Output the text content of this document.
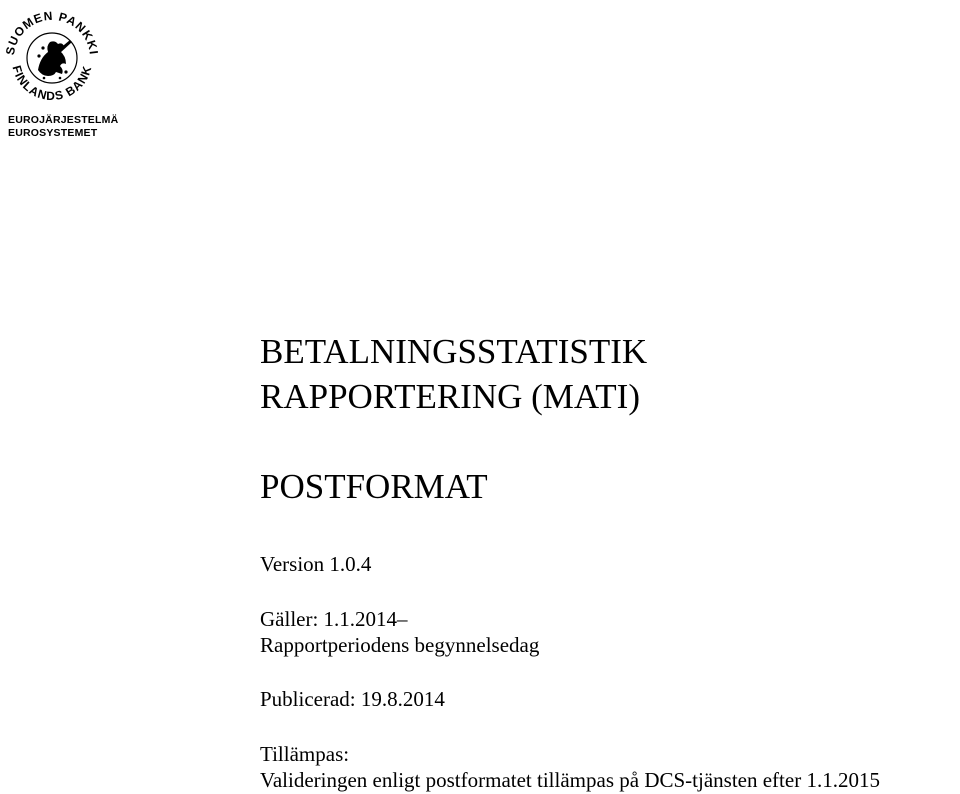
SUOMEN PANKKI
FINLANDS BANK
EUROJÄRJESTELMÄ
EUROSYSTEMET
BETALNINGSSTATISTIK
RAPPORTERING (MATI)
POSTFORMAT
Version 1.0.4
Gäller: 1.1.2014–
Rapportperiodens begynnelsedag
Publicerad: 19.8.2014
Tillämpas:
Valideringen enligt postformatet tillämpas på DCS-tjänsten efter 1.1.2015
